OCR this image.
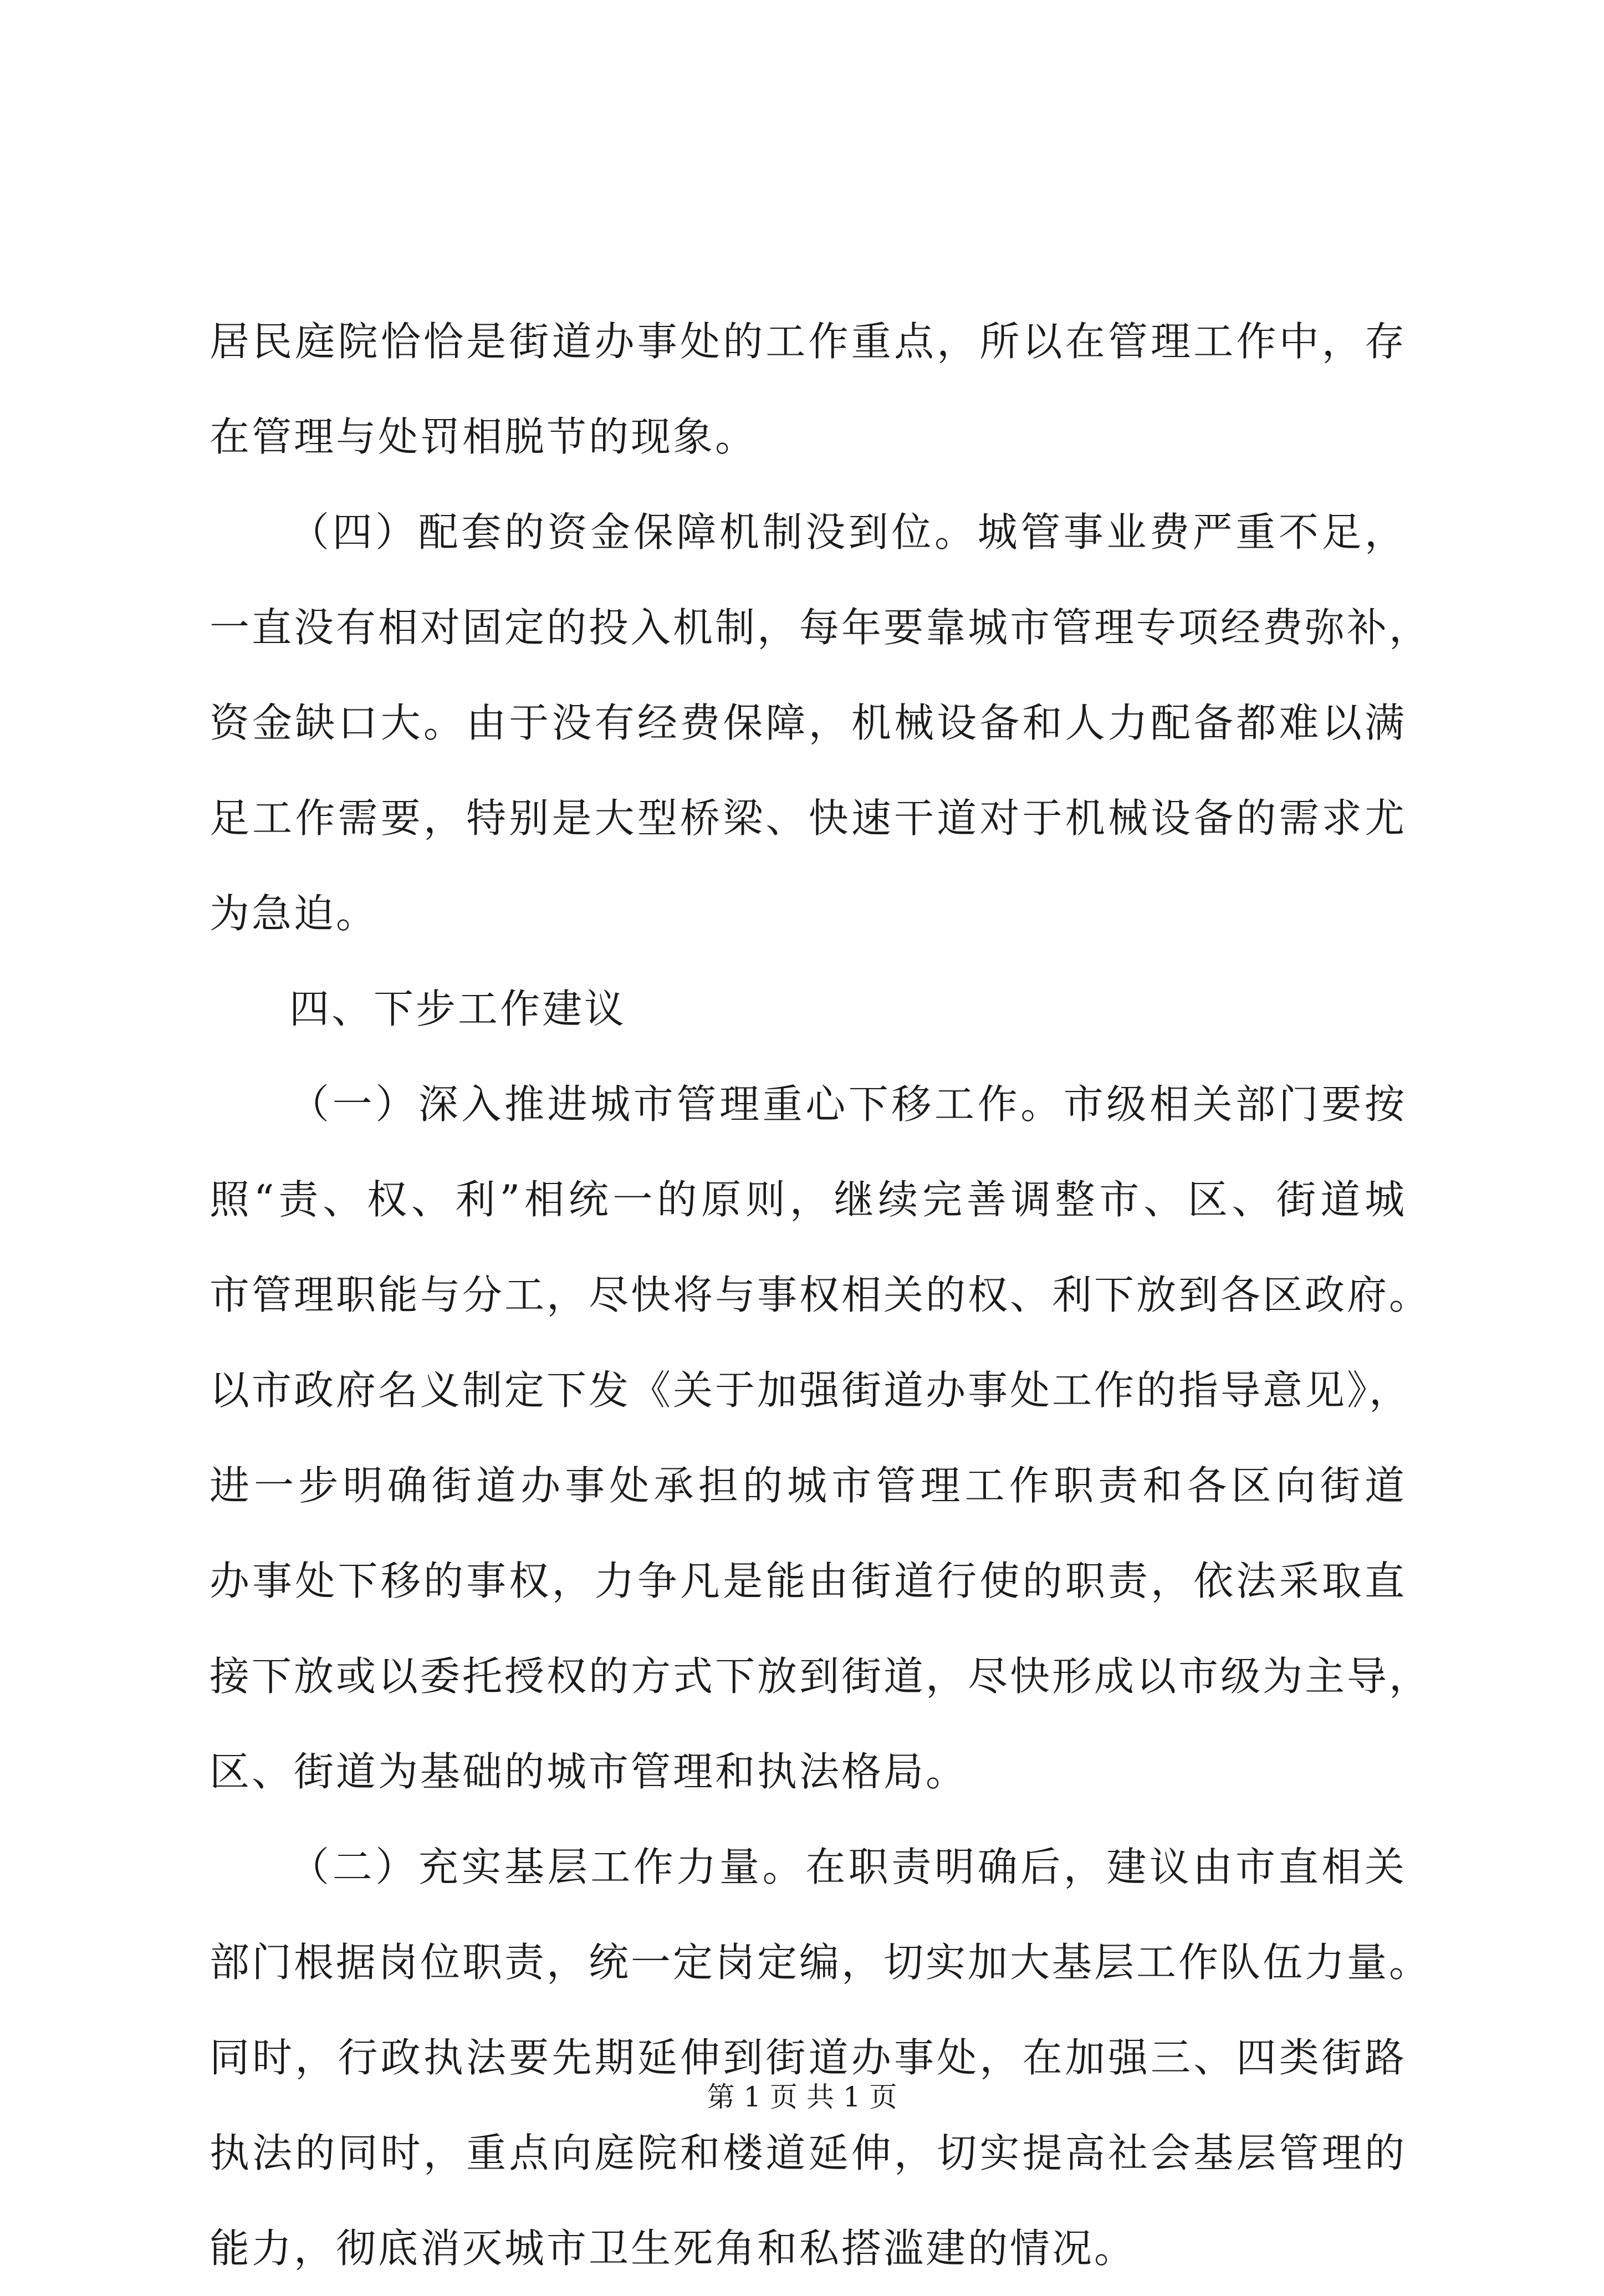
居民庭院恰恰是街道办事处的工作重点，所以在管理工作中，存
在管理与处罚相脱节的现象。
（四）配套的资金保障机制没到位。城管事业费严重不足，
一直没有相对固定的投入机制，每年要靠城市管理专项经费弥补，
资金缺口大。由于没有经费保障，机械设备和人力配备都难以满
足工作需要，特别是大型桥梁、快速干道对于机械设备的需求尤
为急迫。
四、下步工作建议
（一）深入推进城市管理重心下移工作。市级相关部门要按
照“责、权、利”相统一的原则，继续完善调整市、区、街道城
市管理职能与分工，尽快将与事权相关的权、利下放到各区政府。
以市政府名义制定下发《关于加强街道办事处工作的指导意见》，
进一步明确街道办事处承担的城市管理工作职责和各区向街道
办事处下移的事权，力争凡是能由街道行使的职责，依法采取直
接下放或以委托授权的方式下放到街道，尽快形成以市级为主导，
区、街道为基础的城市管理和执法格局。
（二）充实基层工作力量。在职责明确后，建议由市直相关
部门根据岗位职责，统一定岗定编，切实加大基层工作队伍力量。
同时，行政执法要先期延伸到街道办事处，在加强三、四类街路
执法的同时，重点向庭院和楼道延伸，切实提高社会基层管理的
能力，彻底消灭城市卫生死角和私搭滥建的情况。
第 1 页 共 1 页
